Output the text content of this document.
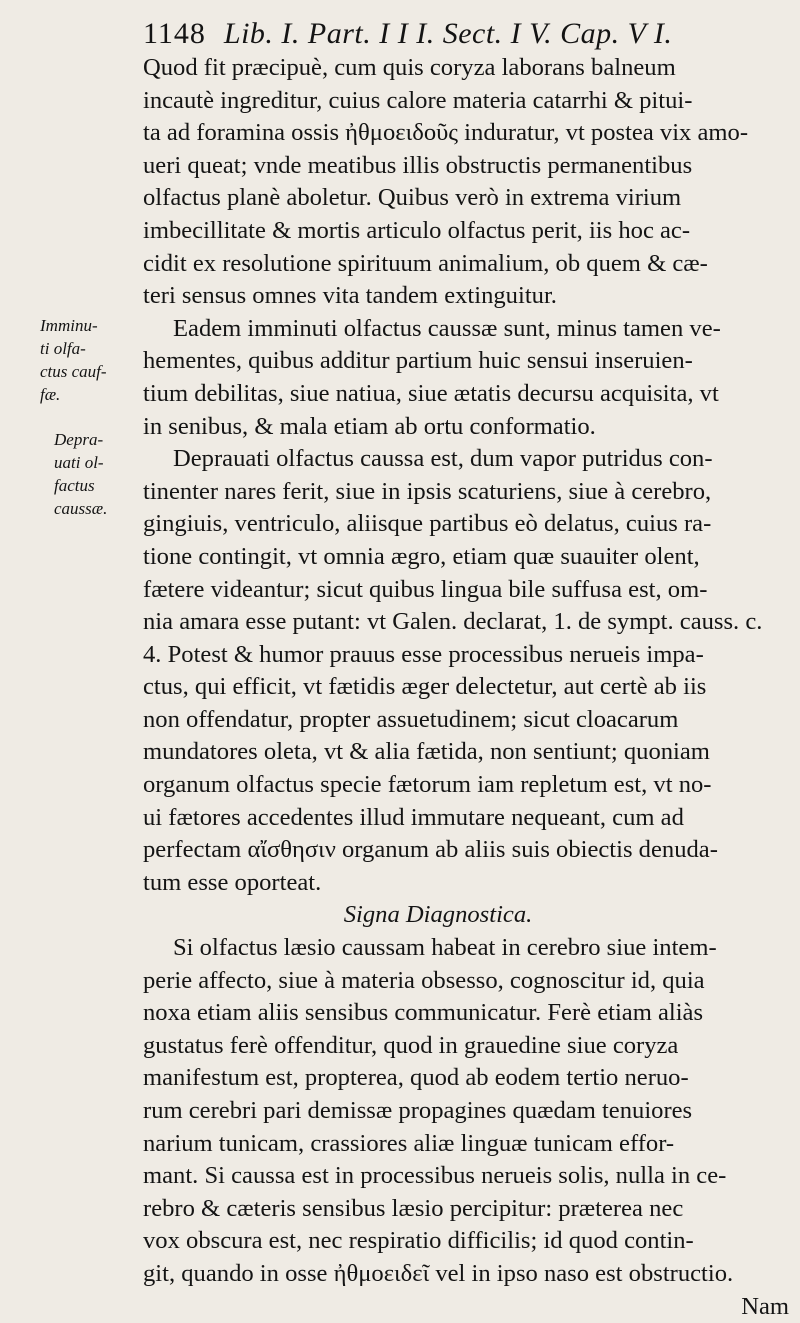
1148 Lib. I. Part. I I I. Sect. I V. Cap. V I.
Quod fit præcipuè, cum quis coryza laborans balneum
incautè ingreditur, cuius calore materia catarrhi & pitui-
ta ad foramina ossis ἠθμοειδοῦς induratur, vt postea vix amo-
ueri queat; vnde meatibus illis obstructis permanentibus
olfactus planè aboletur. Quibus verò in extrema virium
imbecillitate & mortis articulo olfactus perit, iis hoc ac-
cidit ex resolutione spirituum animalium, ob quem & cæ-
teri sensus omnes vita tandem extinguitur.
Eadem imminuti olfactus caussæ sunt, minus tamen ve-
hementes, quibus additur partium huic sensui inseruien-
tium debilitas, siue natiua, siue ætatis decursu acquisita, vt
in senibus, & mala etiam ab ortu conformatio.
Deprauati olfactus caussa est, dum vapor putridus con-
tinenter nares ferit, siue in ipsis scaturiens, siue à cerebro,
gingiuis, ventriculo, aliisque partibus eò delatus, cuius ra-
tione contingit, vt omnia ægro, etiam quæ suauiter olent,
fætere videantur; sicut quibus lingua bile suffusa est, om-
nia amara esse putant: vt Galen. declarat, 1. de sympt. causs. c.
4. Potest & humor prauus esse processibus nerueis impa-
ctus, qui efficit, vt fætidis æger delectetur, aut certè ab iis
non offendatur, propter assuetudinem; sicut cloacarum
mundatores oleta, vt & alia fætida, non sentiunt; quoniam
organum olfactus specie fætorum iam repletum est, vt no-
ui fætores accedentes illud immutare nequeant, cum ad
perfectam αἴσθησιν organum ab aliis suis obiectis denuda-
tum esse oporteat.
Signa Diagnostica.
Si olfactus læsio caussam habeat in cerebro siue intem-
perie affecto, siue à materia obsesso, cognoscitur id, quia
noxa etiam aliis sensibus communicatur. Ferè etiam aliàs
gustatus ferè offenditur, quod in grauedine siue coryza
manifestum est, propterea, quod ab eodem tertio neruo-
rum cerebri pari demissæ propagines quædam tenuiores
narium tunicam, crassiores aliæ linguæ tunicam effor-
mant. Si caussa est in processibus nerueis solis, nulla in ce-
rebro & cæteris sensibus læsio percipitur: præterea nec
vox obscura est, nec respiratio difficilis; id quod contin-
git, quando in osse ἠθμοειδεῖ vel in ipso naso est obstructio.
Nam
Imminu-
ti olfa-
ctus cauf-
fæ.
Depra-
uati ol-
factus
caussæ.
